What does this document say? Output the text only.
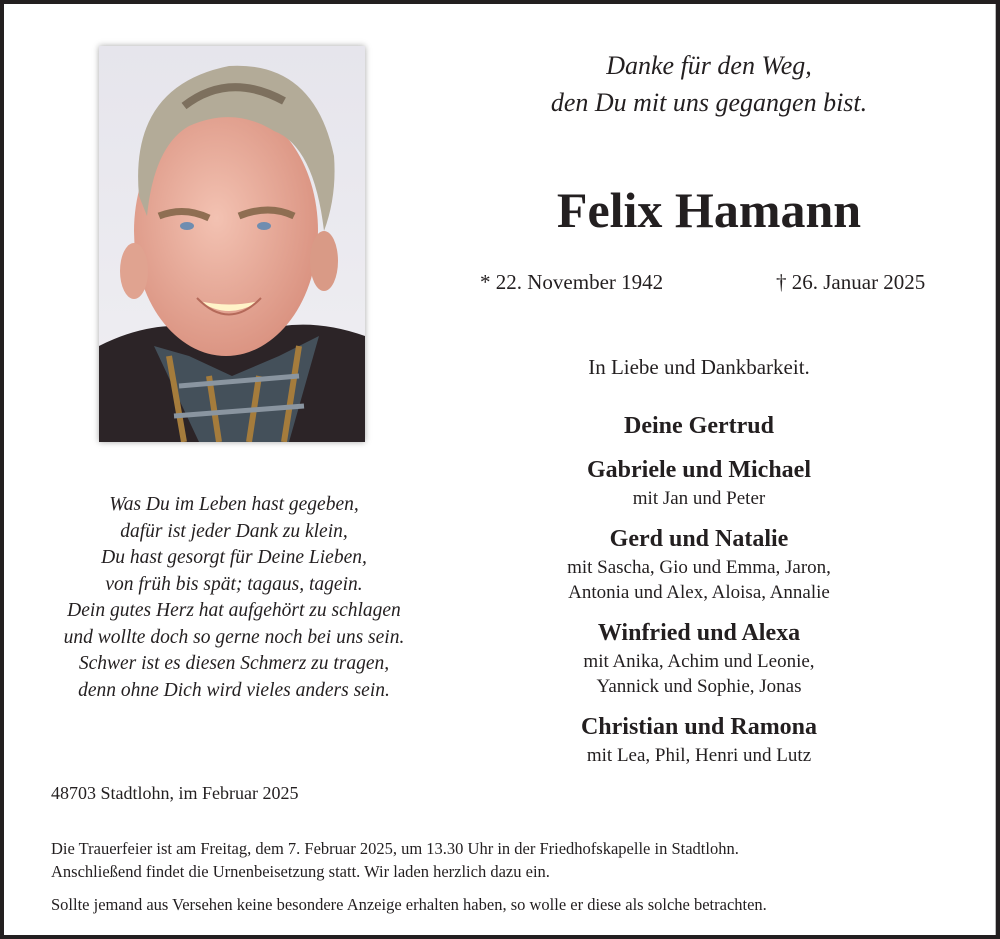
Danke für den Weg,
den Du mit uns gegangen bist.
Felix Hamann
* 22. November 1942	† 26. Januar 2025
In Liebe und Dankbarkeit.
Deine Gertrud
Gabriele und Michael
mit Jan und Peter
Gerd und Natalie
mit Sascha, Gio und Emma, Jaron,
Antonia und Alex, Aloisa, Annalie
Winfried und Alexa
mit Anika, Achim und Leonie,
Yannick und Sophie, Jonas
Christian und Ramona
mit Lea, Phil, Henri und Lutz
Was Du im Leben hast gegeben,
dafür ist jeder Dank zu klein,
Du hast gesorgt für Deine Lieben,
von früh bis spät; tagaus, tagein.
Dein gutes Herz hat aufgehört zu schlagen
und wollte doch so gerne noch bei uns sein.
Schwer ist es diesen Schmerz zu tragen,
denn ohne Dich wird vieles anders sein.
48703 Stadtlohn, im Februar 2025

Die Trauerfeier ist am Freitag, dem 7. Februar 2025, um 13.30 Uhr in der Friedhofskapelle in Stadtlohn.

Anschließend findet die Urnenbeisetzung statt. Wir laden herzlich dazu ein.

Sollte jemand aus Versehen keine besondere Anzeige erhalten haben, so wolle er diese als solche betrachten.
